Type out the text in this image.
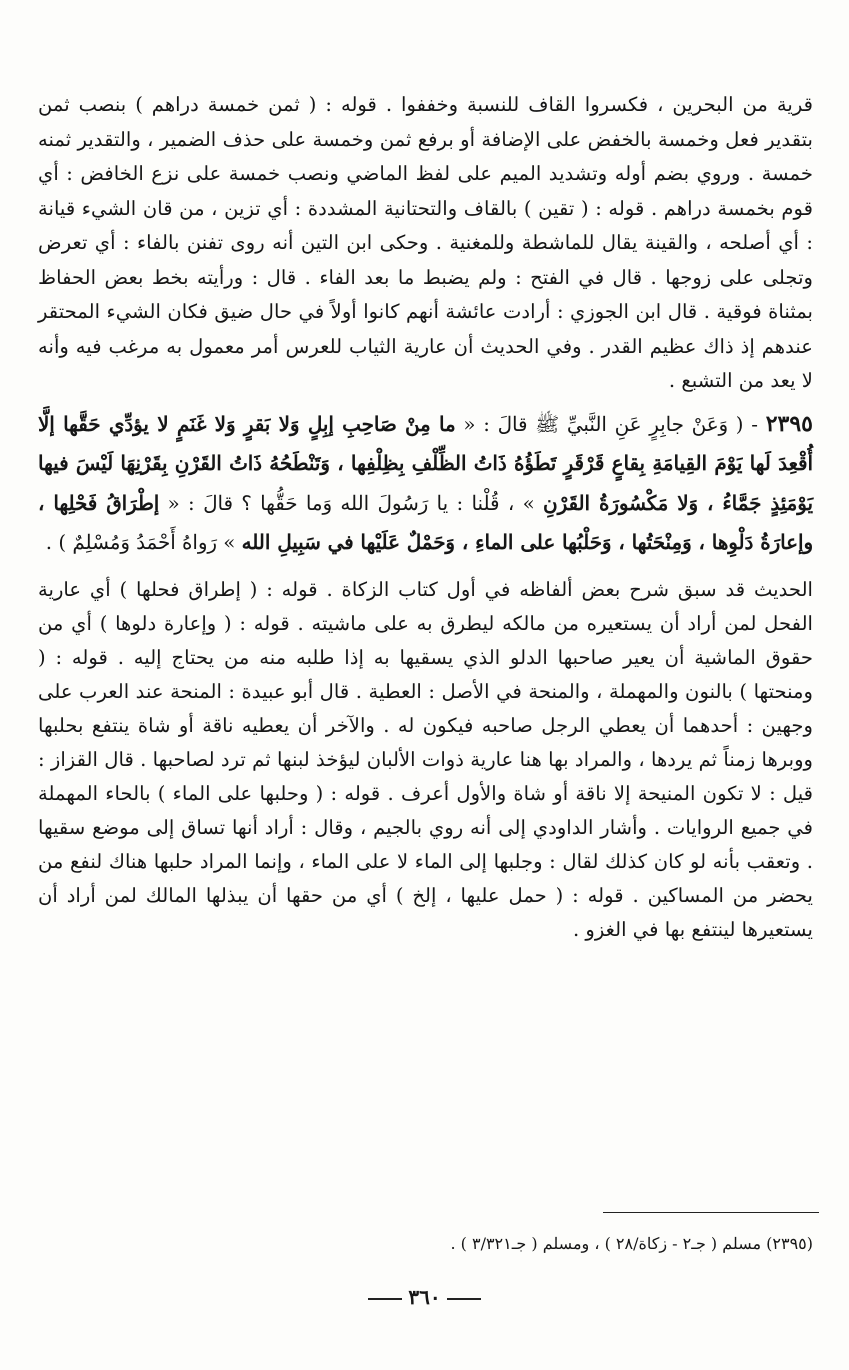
قرية من البحرين ، فكسروا القاف للنسبة وخففوا . قوله : ( ثمن خمسة دراهم ) بنصب ثمن بتقدير فعل وخمسة بالخفض على الإضافة أو برفع ثمن وخمسة على حذف الضمير ، والتقدير ثمنه خمسة . وروي بضم أوله وتشديد الميم على لفظ الماضي ونصب خمسة على نزع الخافض : أي قوم بخمسة دراهم . قوله : ( تقين ) بالقاف والتحتانية المشددة : أي تزين ، من قان الشيء قيانة : أي أصلحه ، والقينة يقال للماشطة وللمغنية . وحكى ابن التين أنه روى تفنن بالفاء : أي تعرض وتجلى على زوجها . قال في الفتح : ولم يضبط ما بعد الفاء . قال : ورأيته بخط بعض الحفاظ بمثناة فوقية . قال ابن الجوزي : أرادت عائشة أنهم كانوا أولاً في حال ضيق فكان الشيء المحتقر عندهم إذ ذاك عظيم القدر . وفي الحديث أن عارية الثياب للعرس أمر معمول به مرغب فيه وأنه لا يعد من التشبع .

٢٣٩٥ - ( وَعَنْ جابِرٍ عَنِ النَّبيِّ ﷺ قالَ : « ما مِنْ صَاحِبِ إبِلٍ وَلا بَقرٍ وَلا غَنَمٍ لا يؤدِّي حَقَّها إلَّا أُقْعِدَ لَها يَوْمَ القِيامَةِ بِقاعٍ قَرْقَرٍ تَطَؤُهُ ذَاتُ الظِّلْفِ بِظِلْفِها ، وَتَنْطَحُهُ ذَاتُ القَرْنِ بِقَرْنِهَا لَيْسَ فيها يَوْمَئِذٍ جَمَّاءُ ، وَلا مَكْسُورَةُ القَرْنِ » ، قُلْنا : يا رَسُولَ الله وَما حَقُّها ؟ قالَ : « إطْرَاقُ فَحْلِها ، وإعارَةُ دَلْوِها ، وَمِنْحَتُها ، وَحَلْبُها على الماءِ ، وَحَمْلٌ عَلَيْها في سَبِيلِ الله » رَواهُ أَحْمَدُ وَمُسْلِمٌ ) .

الحديث قد سبق شرح بعض ألفاظه في أول كتاب الزكاة . قوله : ( إطراق فحلها ) أي عارية الفحل لمن أراد أن يستعيره من مالكه ليطرق به على ماشيته . قوله : ( وإعارة دلوها ) أي من حقوق الماشية أن يعير صاحبها الدلو الذي يسقيها به إذا طلبه منه من يحتاج إليه . قوله : ( ومنحتها ) بالنون والمهملة ، والمنحة في الأصل : العطية . قال أبو عبيدة : المنحة عند العرب على وجهين : أحدهما أن يعطي الرجل صاحبه فيكون له . والآخر أن يعطيه ناقة أو شاة ينتفع بحلبها ووبرها زمناً ثم يردها ، والمراد بها هنا عارية ذوات الألبان ليؤخذ لبنها ثم ترد لصاحبها . قال القزاز : قيل : لا تكون المنيحة إلا ناقة أو شاة والأول أعرف . قوله : ( وحلبها على الماء ) بالحاء المهملة في جميع الروايات . وأشار الداودي إلى أنه روي بالجيم ، وقال : أراد أنها تساق إلى موضع سقيها . وتعقب بأنه لو كان كذلك لقال : وجلبها إلى الماء لا على الماء ، وإنما المراد حلبها هناك لنفع من يحضر من المساكين . قوله : ( حمل عليها ، إلخ ) أي من حقها أن يبذلها المالك لمن أراد أن يستعيرها لينتفع بها في الغزو .

(٢٣٩٥) مسلم ( جـ٢ - زكاة/٢٨ ) ، ومسلم ( جـ٣/٣٢١ ) .
٣٦٠
